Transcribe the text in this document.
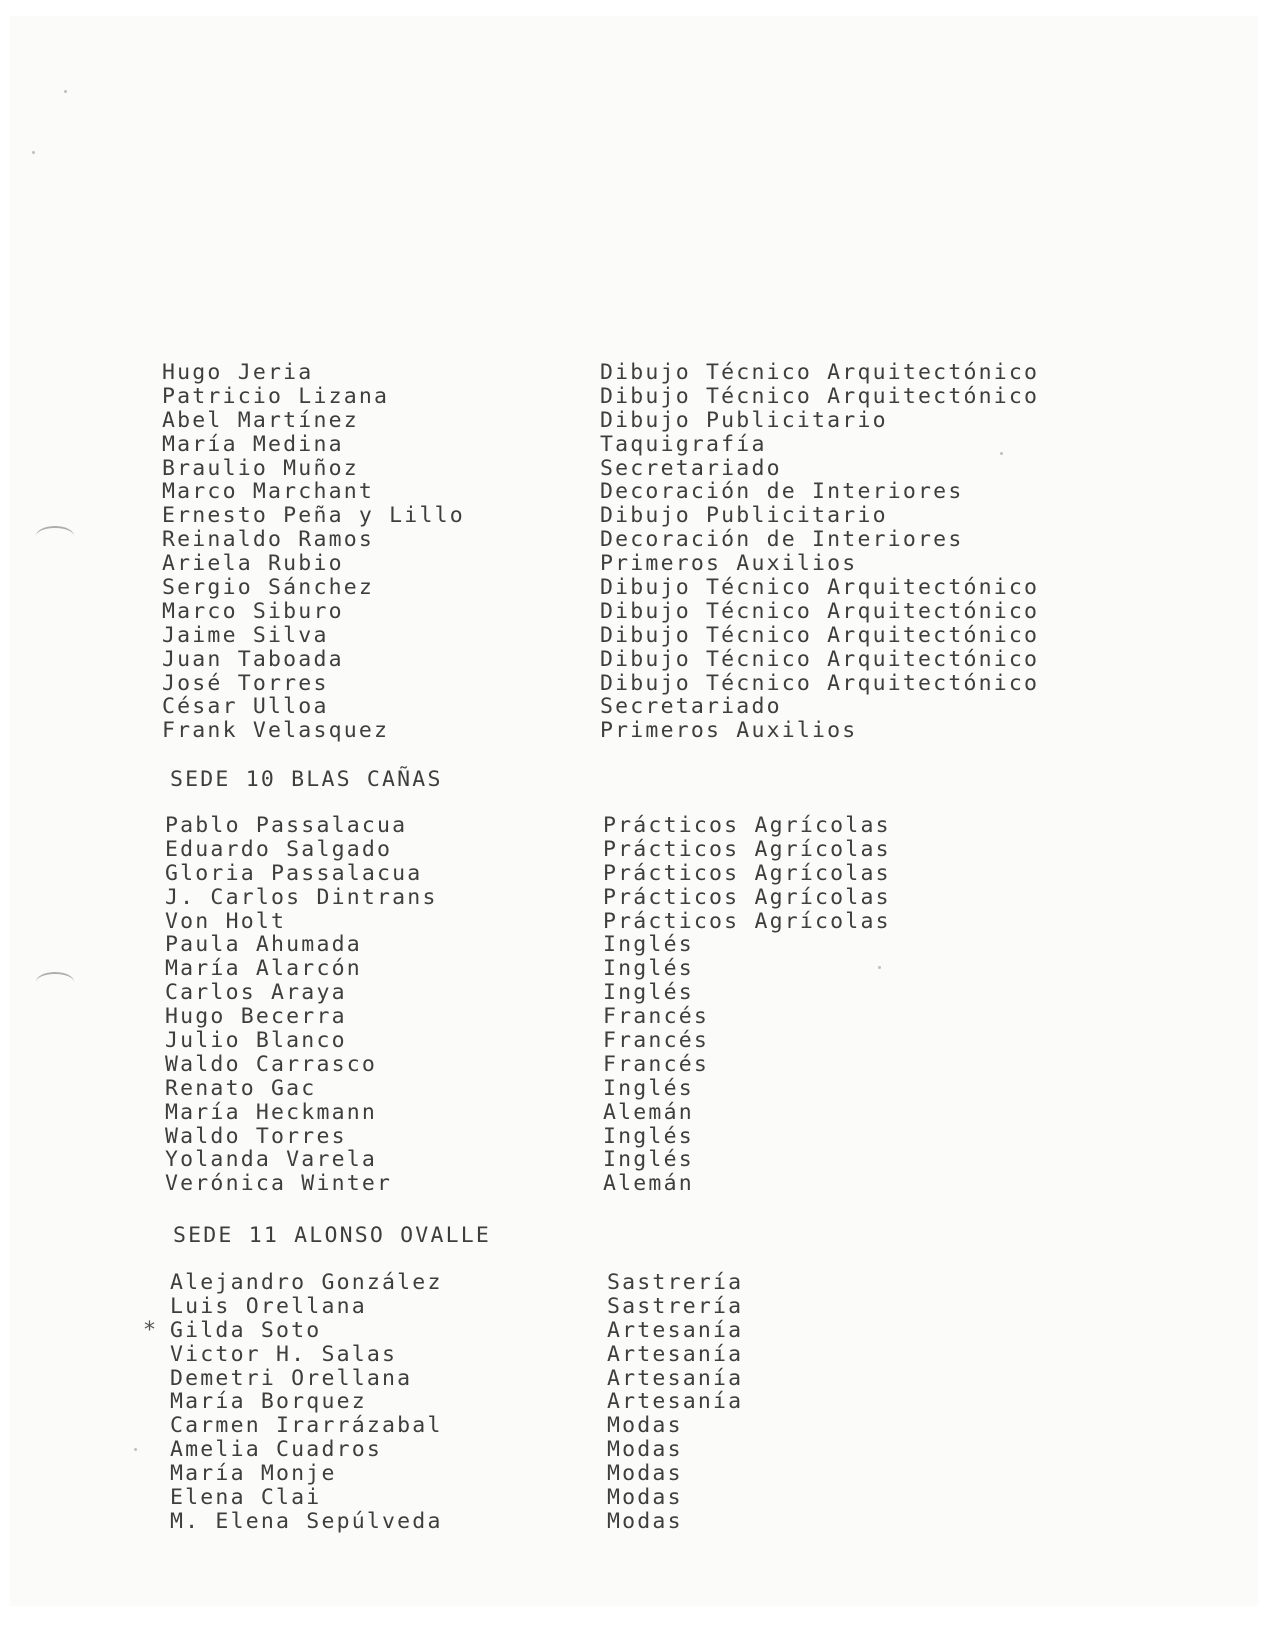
Hugo Jeria	Dibujo Técnico Arquitectónico
Patricio Lizana	Dibujo Técnico Arquitectónico
Abel Martínez	Dibujo Publicitario
María Medina	Taquigrafía
Braulio Muñoz	Secretariado
Marco Marchant	Decoración de Interiores
Ernesto Peña y Lillo	Dibujo Publicitario
Reinaldo Ramos	Decoración de Interiores
Ariela Rubio	Primeros Auxilios
Sergio Sánchez	Dibujo Técnico Arquitectónico
Marco Siburo	Dibujo Técnico Arquitectónico
Jaime Silva	Dibujo Técnico Arquitectónico
Juan Taboada	Dibujo Técnico Arquitectónico
José Torres	Dibujo Técnico Arquitectónico
César Ulloa	Secretariado
Frank Velasquez	Primeros Auxilios
SEDE 10 BLAS CAÑAS
Pablo Passalacua	Prácticos Agrícolas
Eduardo Salgado	Prácticos Agrícolas
Gloria Passalacua	Prácticos Agrícolas
J. Carlos Dintrans	Prácticos Agrícolas
Von Holt	Prácticos Agrícolas
Paula Ahumada	Inglés
María Alarcón	Inglés
Carlos Araya	Inglés
Hugo Becerra	Francés
Julio Blanco	Francés
Waldo Carrasco	Francés
Renato Gac	Inglés
María Heckmann	Alemán
Waldo Torres	Inglés
Yolanda Varela	Inglés
Verónica Winter	Alemán
SEDE 11 ALONSO OVALLE
Alejandro González	Sastrería
Luis Orellana	Sastrería
Gilda Soto	Artesanía
Victor H. Salas	Artesanía
Demetri Orellana	Artesanía
María Borquez	Artesanía
Carmen Irarrázabal	Modas
Amelia Cuadros	Modas
María Monje	Modas
Elena Clai	Modas
M. Elena Sepúlveda	Modas
*
